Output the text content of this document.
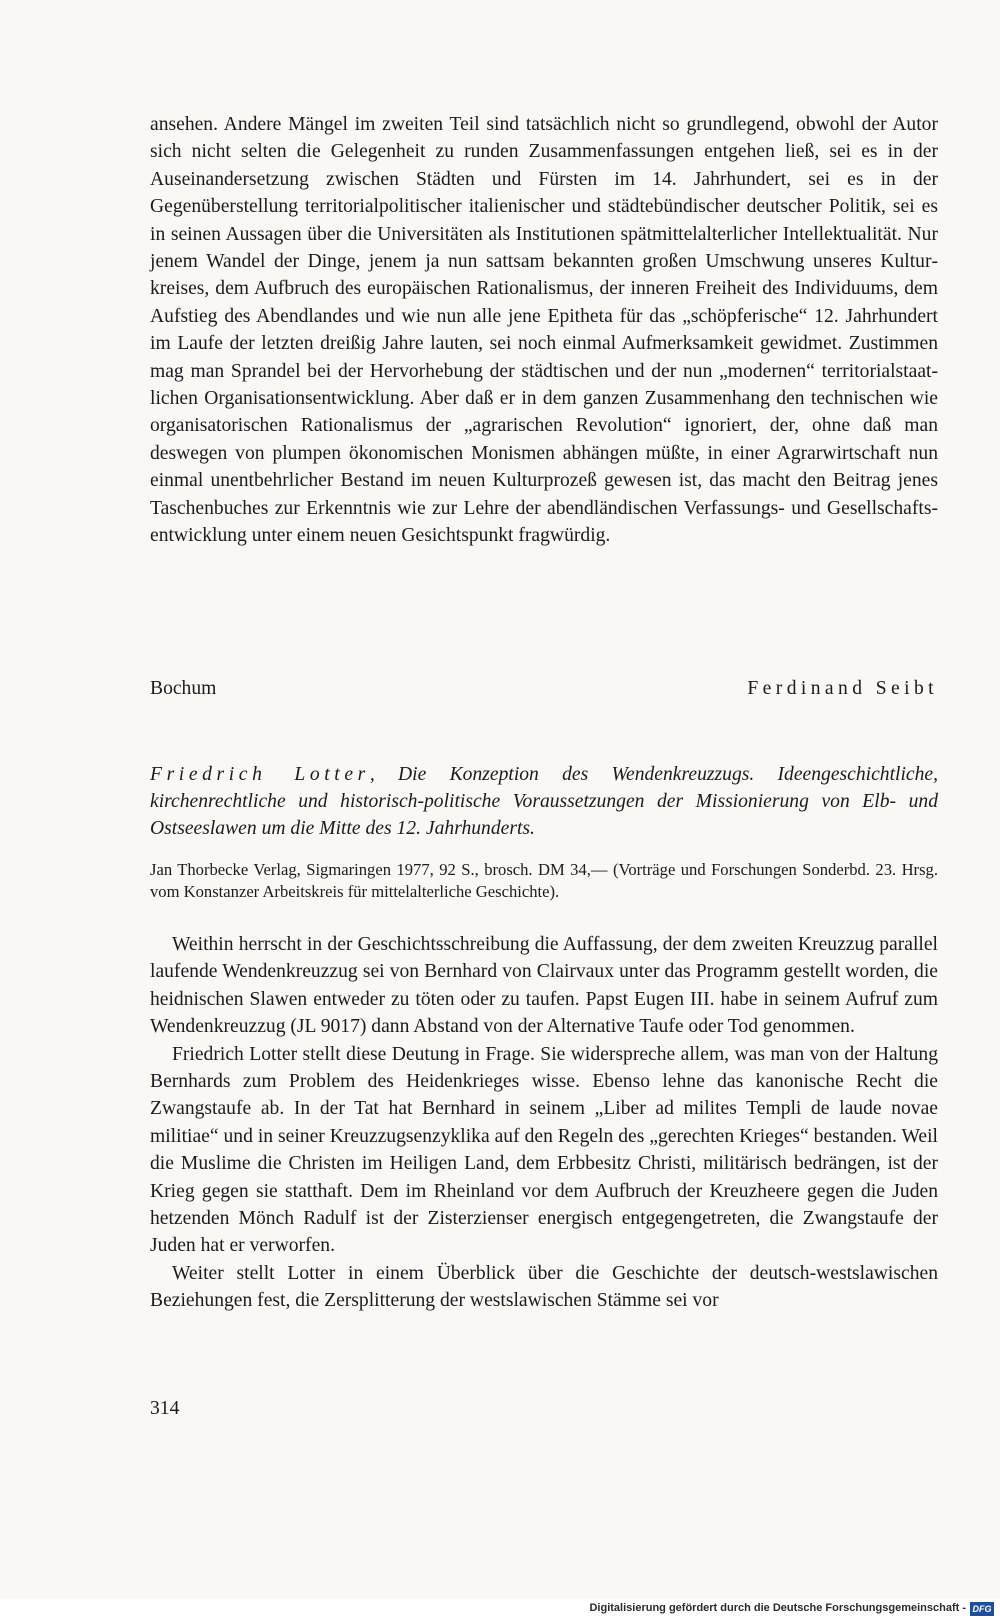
ansehen. Andere Mängel im zweiten Teil sind tatsächlich nicht so grundlegend, obwohl der Autor sich nicht selten die Gelegenheit zu runden Zusammenfassungen entgehen ließ, sei es in der Auseinandersetzung zwischen Städten und Fürsten im 14. Jahrhundert, sei es in der Gegenüberstellung territorialpolitischer italienischer und städtebündischer deutscher Politik, sei es in seinen Aussagen über die Universitäten als Institutionen spätmittelalterlicher Intellektualität. Nur jenem Wandel der Dinge, jenem ja nun sattsam bekannten großen Umschwung unseres Kulturkreises, dem Aufbruch des europäischen Rationalismus, der inneren Freiheit des Individuums, dem Aufstieg des Abendlandes und wie nun alle jene Epitheta für das „schöpferische“ 12. Jahrhundert im Laufe der letzten dreißig Jahre lauten, sei noch einmal Aufmerksamkeit gewidmet. Zustimmen mag man Sprandel bei der Hervorhebung der städtischen und der nun „modernen“ territorialstaatlichen Organisationsentwicklung. Aber daß er in dem ganzen Zusammenhang den technischen wie organisatorischen Rationalismus der „agrarischen Revolution“ ignoriert, der, ohne daß man deswegen von plumpen ökonomischen Monismen abhängen müßte, in einer Agrarwirtschaft nun einmal unentbehrlicher Bestand im neuen Kulturprozeß gewesen ist, das macht den Beitrag jenes Taschenbuches zur Erkenntnis wie zur Lehre der abendländischen Verfassungs- und Gesellschaftsentwicklung unter einem neuen Gesichtspunkt fragwürdig.

Bochum	Ferdinand Seibt
Friedrich Lotter, Die Konzeption des Wendenkreuzzugs. Ideengeschichtliche, kirchenrechtliche und historisch-politische Voraussetzungen der Missionierung von Elb- und Ostseeslawen um die Mitte des 12. Jahrhunderts.
Jan Thorbecke Verlag, Sigmaringen 1977, 92 S., brosch. DM 34,— (Vorträge und Forschungen Sonderbd. 23. Hrsg. vom Konstanzer Arbeitskreis für mittelalterliche Geschichte).

Weithin herrscht in der Geschichtsschreibung die Auffassung, der dem zweiten Kreuzzug parallel laufende Wendenkreuzzug sei von Bernhard von Clairvaux unter das Programm gestellt worden, die heidnischen Slawen entweder zu töten oder zu taufen. Papst Eugen III. habe in seinem Aufruf zum Wendenkreuzzug (JL 9017) dann Abstand von der Alternative Taufe oder Tod genommen.

Friedrich Lotter stellt diese Deutung in Frage. Sie widerspreche allem, was man von der Haltung Bernhards zum Problem des Heidenkrieges wisse. Ebenso lehne das kanonische Recht die Zwangstaufe ab. In der Tat hat Bernhard in seinem „Liber ad milites Templi de laude novae militiae“ und in seiner Kreuzzugsenzyklika auf den Regeln des „gerechten Krieges“ bestanden. Weil die Muslime die Christen im Heiligen Land, dem Erbbesitz Christi, militärisch bedrängen, ist der Krieg gegen sie statthaft. Dem im Rheinland vor dem Aufbruch der Kreuzheere gegen die Juden hetzenden Mönch Radulf ist der Zisterzienser energisch entgegengetreten, die Zwangstaufe der Juden hat er verworfen.

Weiter stellt Lotter in einem Überblick über die Geschichte der deutsch-westslawischen Beziehungen fest, die Zersplitterung der westslawischen Stämme sei vor

314
Digitalisierung gefördert durch die Deutsche Forschungsgemeinschaft - DFG
